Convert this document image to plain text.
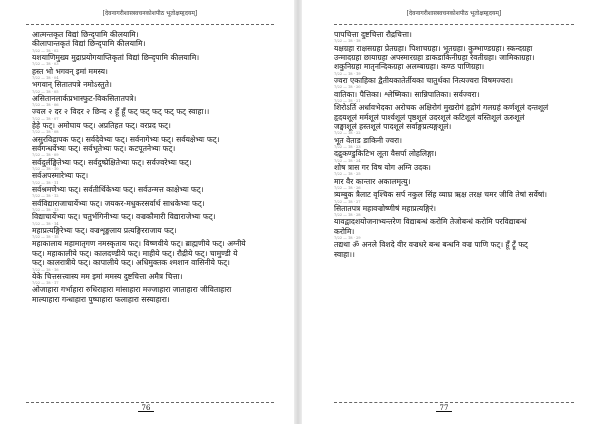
[देवनागरीशास्त्रवचनकोशपीठ भूतोक्षम्हृदयम्]
आत्मन्तकृत विद्यां छिन्द्पामि कीलयामि।
कीलापान्तकृतं विद्यां छिन्द्पामि कीलयामि।
7/22 — 18 · 02
यशयाणिमुख्य मुद्राप्रयोगयाप्तिकृतां विद्यां छिन्द्पामि कीलयामि।
7/22 — 18 · 03
हस्त भो भगवन् इमां ममस्य।
7/22 — 18 · 04
भगवान् सितातपत्रे नमोऽस्तुते।
7/22 — 18 · 05
असितानलार्कप्रभास्फुट-विकसितातपत्रे।
7/22 — 18 · 06
ज्वल २ दर २ विदर २ छिन्द २ हूँ हूँ फट् फट् फट् फट् फट् स्वाहा।।
7/22 — 18 · 07
हेहे फट्। अमोघाय फट्। अप्रतिहत फट्। वरप्रद फट्।
7/22 — 18 · 08
असुरविद्रापक फट्। सर्वदेवेभ्यः फट्। सर्वनागेभ्यः फट्। सर्वयक्षेभ्यः फट्।
सर्वगन्धर्वेभ्यः फट्। सर्वभूतेभ्यः फट्। कटपूतनेभ्यः फट्।
7/22 — 18 · 09
सर्वदुर्लङ्घितेभ्यः फट्। सर्वदुष्प्रेक्षितेभ्यः फट्। सर्वज्वरेभ्यः फट्।
7/22 — 18 · 10
सर्वअपस्मारेभ्यः फट्।
7/22 — 18 · 11
सर्वश्रमणेभ्यः फट्। सर्वतीर्थिकेभ्यः फट्। सर्वउन्मत्त काक्षेभ्यः फट्।
7/22 — 18 · 12
सर्वविद्याराजाचार्येभ्यः फट्। जयकर-मधुकरसर्वार्थ साधकेभ्यः फट्।
7/22 — 18 · 13
विद्याचार्येभ्यः फट्। चतुर्भगिनीभ्यः फट्। वज्रकौमारी विद्याराजेभ्यः फट्।
7/22 — 18 · 14
महाप्रत्यङ्गिरेभ्यः फट्। वज्रशृङ्खलाय प्रत्यङ्गिरराजाय फट्।
7/22 — 18 · 15
महाकालाय महामातृगण नमस्कृताय फट्। विष्णवीये फट्। ब्राह्मणीये फट्। अग्नीये
फट्। महाकालीये फट्। कालदण्डीये फट्। माहीये फट्। रौद्रीये फट्। चामुण्डी ये
फट्। कालरात्रीये फट्। कापालीये फट्। अधिमुक्तक श्मशान वासिनीये फट्।
7/22 — 18 · 16
येके चित्तसत्त्वास्य मम इमां ममस्य दुष्टचित्ता अमैत्र चित्ता।
7/22 — 18 · 17
ओजाहारा गर्भाहारा रुधिराहारा मांसाहारा मज्जाहारा जाताहारा जीविताहारा
माल्याहारा गन्धाहारा पुष्पाहारा फलाहारा सस्याहारा।
_76_
[देवनागरीशास्त्रवचनकोशपीठ भूतोक्षम्हृदयम्]
पापचित्ता दुष्टचित्ता रौद्रचित्ता।
7/22 — 18 · 18
यक्षग्रहा राक्षसग्रहा प्रेतग्रहा। पिशाचग्रहा। भूतग्रहा। कुम्भाण्डग्रहा। स्कन्दग्रहा
उन्मादग्रहा छायाग्रहा अपस्मारग्रहा डाकडाकिनीग्रहा रेवतीग्रहा। जामिकाग्रहा।
शकुनिग्रहा मातृनन्दिकग्रहा अलम्बाग्रहा। कण्ठ पाणिग्रहा।
7/22 — 18 · 19
ज्वरा एकाहिका द्वैतीयकातेर्तीयका चातुर्थका नित्यज्वरा विषमज्वरा।
7/22 — 18 · 20
वातिका। पैत्तिका। श्लेष्मिका। सान्निपातिका। सर्वज्वरा।
7/22 — 18 · 21
शिरोऽर्ति अर्धावभेदका अरोचक अक्षिरोगं मुखरोगं हृद्रोगं गलग्रहं कर्णशूलं दन्तशूलं
हृदयशूलं मर्मशूलं पार्श्वशूलं पृष्ठशूलं उदरशूलं कटिशूलं वस्तिशूलं ऊरुशूलं
जङ्घाशूलं हस्तशूलं पादशूलं सर्वाङ्गप्रत्यङ्गशूलं।
7/22 — 18 · 22
भूत वेताड डाकिनी ज्वरा।
7/22 — 18 · 23
दद्रुकण्डुकिटिभ लूता वैसर्पा लोहलिङ्गा।
7/22 — 18 · 24
शोष त्रास गर विष योग अग्नि उदक।
7/22 — 18 · 25
मार वैर कान्तार अकालमृत्यु।
7/22 — 18 · 26
त्र्यम्बुक त्रैलाट वृश्चिक सर्प नकुल सिंह व्याघ्र ऋक्ष तरक्ष चमर जीवि तेषां सर्वेषां।
7/22 — 18 · 27
सितातपत्र महावज्रोष्णीषं महाप्रत्यङ्गिरं।
7/22 — 18 · 28
यावद्वादशयोजनाभ्यन्तरेण विद्याबन्धं करोमि तेजोबन्धं करोमि परविद्याबन्धं
करोमि।
7/22 — 18 · 29
तद्यथा ॐ अनले विशदे वीर वज्रधरे बन्ध बन्धनि वज्र पाणि फट्। हूँ ट्रूँ फट्
स्वाहा।।
_77_
